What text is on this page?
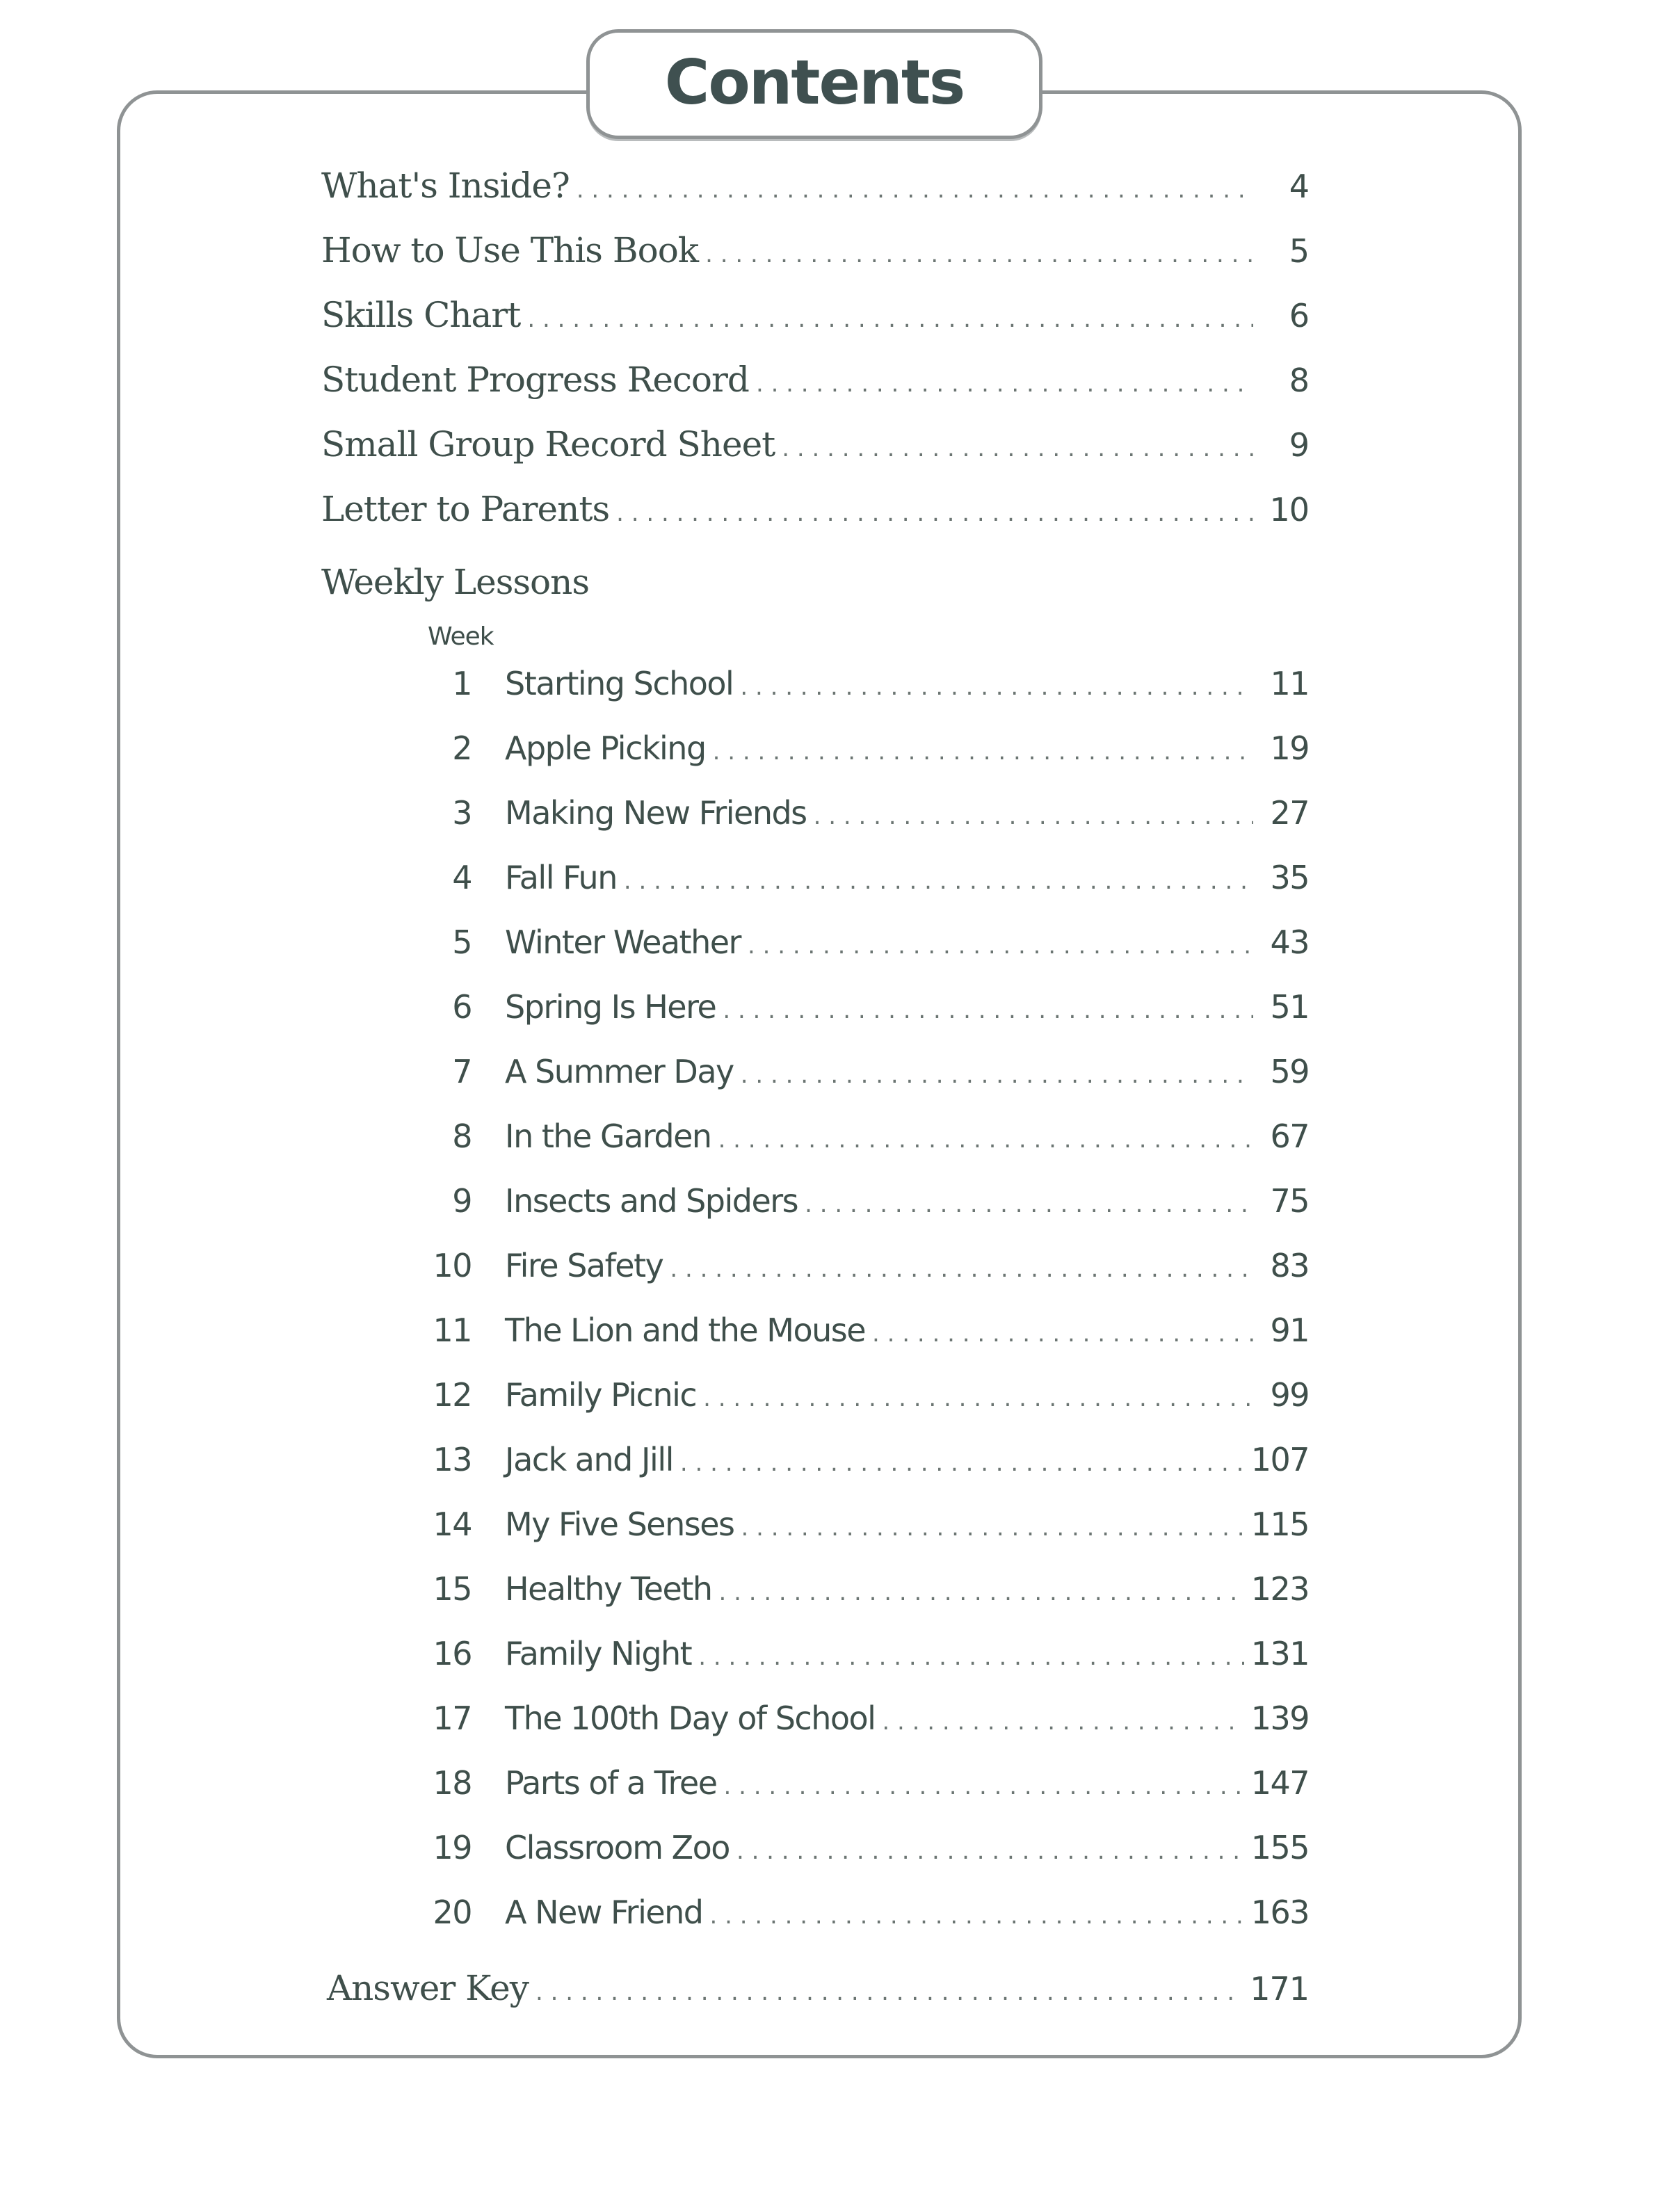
Contents
What's Inside? . . .	4
How to Use This Book . . .	5
Skills Chart . . .	6
Student Progress Record . . .	8
Small Group Record Sheet . . .	9
Letter to Parents . . .	10
Weekly Lessons
Week
1 Starting School . . .	11
2 Apple Picking . . .	19
3 Making New Friends . . .	27
4 Fall Fun . . .	35
5 Winter Weather . . .	43
6 Spring Is Here . . .	51
7 A Summer Day . . .	59
8 In the Garden . . .	67
9 Insects and Spiders . . .	75
10 Fire Safety . . .	83
11 The Lion and the Mouse . . .	91
12 Family Picnic . . .	99
13 Jack and Jill . . .	107
14 My Five Senses . . .	115
15 Healthy Teeth . . .	123
16 Family Night . . .	131
17 The 100th Day of School . . .	139
18 Parts of a Tree . . .	147
19 Classroom Zoo . . .	155
20 A New Friend . . .	163
Answer Key . . .	171
